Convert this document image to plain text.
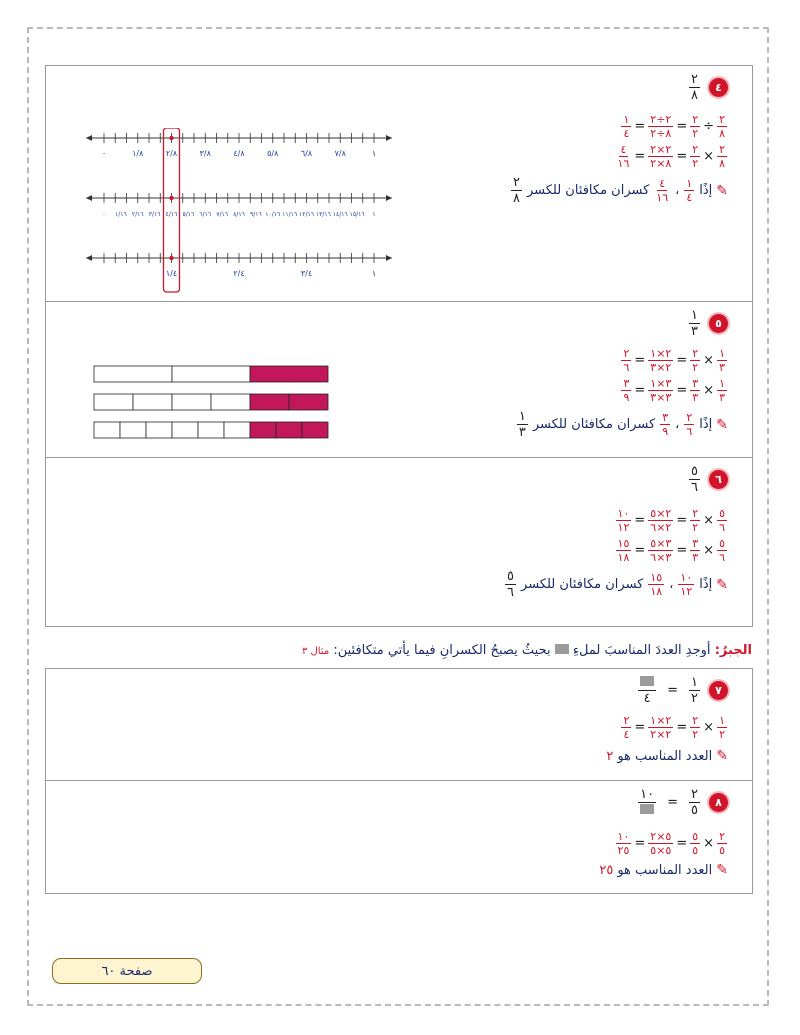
$\frac{٢}{٨}$	٤
$\frac{١}{٤} = \frac{٢\div ٢}{٨\div ٢} = \frac{٢}{٢} \div \frac{٢}{٨}$
$\frac{٤}{١٦} = \frac{٢\times ٢}{٨\times ٢} = \frac{٢}{٢} \times \frac{٢}{٨}$
✎
إذًا
$\frac{١}{٤}$
،
$\frac{٤}{١٦}$
كسران مكافئان للكسر
$\frac{٢}{٨}$
٠	١/٨	٢/٨	٣/٨	٤/٨	٥/٨	٦/٨	٧/٨	١
٠ ١/١٦ ٢/١٦ ٣/١٦ ٤/١٦ ٥/١٦ ٦/١٦ ٧/١٦ ٨/١٦ ٩/١٦ ١٠/١٦ ١١/١٦ ١٢/١٦ ١٣/١٦ ١٤/١٦ ١٥/١٦ ١
١/٤	٢/٤	٣/٤	١
$\frac{١}{٣}$	٥
$\frac{٢}{٦} = \frac{٢\times ١}{٢\times ٣} = \frac{٢}{٢} \times \frac{١}{٣}$
$\frac{٣}{٩} = \frac{٣\times ١}{٣\times ٣} = \frac{٣}{٣} \times \frac{١}{٣}$
✎
إذًا
$\frac{٢}{٦}$
،
$\frac{٣}{٩}$
كسران مكافئان للكسر
$\frac{١}{٣}$
$\frac{٥}{٦}$	٦
$\frac{١٠}{١٢} = \frac{٢\times ٥}{٢\times ٦} = \frac{٢}{٢} \times \frac{٥}{٦}$
$\frac{١٥}{١٨} = \frac{٣\times ٥}{٣\times ٦} = \frac{٣}{٣} \times \frac{٥}{٦}$
✎
إذًا
$\frac{١٠}{١٢}$
،
$\frac{١٥}{١٨}$
كسران مكافئان للكسر
$\frac{٥}{٦}$
الجبرُ: أوجدِ العددَ المناسبَ لملءِ  بحيثُ يصبحُ الكسرانِ فيما يأتي متكافئين: مثال ٣
٤
= $\frac{١}{٢}$	٧
$\frac{٢}{٤} = \frac{٢\times ١}{٢\times ٢} = \frac{٢}{٢} \times \frac{١}{٢}$
✎
العدد المناسب هو
٢
١٠
= $\frac{٢}{٥}$	٨
$\frac{١٠}{٢٥} = \frac{٥\times ٢}{٥\times ٥} = \frac{٥}{٥} \times \frac{٢}{٥}$
✎
العدد المناسب هو
٢٥
صفحة ٦٠
